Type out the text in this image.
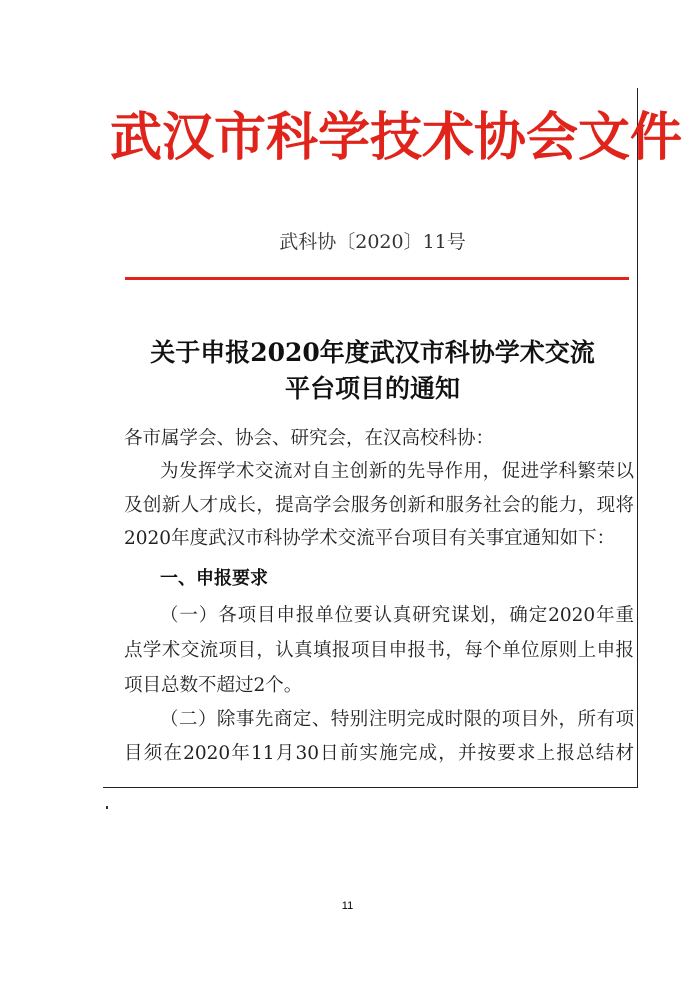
武汉市科学技术协会文件
武科协〔2020〕11号
关于申报2020年度武汉市科协学术交流
平台项目的通知
各市属学会、协会、研究会，在汉高校科协：
为发挥学术交流对自主创新的先导作用，促进学科繁荣以
及创新人才成长，提高学会服务创新和服务社会的能力，现将
2020年度武汉市科协学术交流平台项目有关事宜通知如下：
一、申报要求
（一）各项目申报单位要认真研究谋划，确定2020年重
点学术交流项目，认真填报项目申报书，每个单位原则上申报
项目总数不超过2个。
（二）除事先商定、特别注明完成时限的项目外，所有项
目须在2020年11月30日前实施完成，并按要求上报总结材
11
